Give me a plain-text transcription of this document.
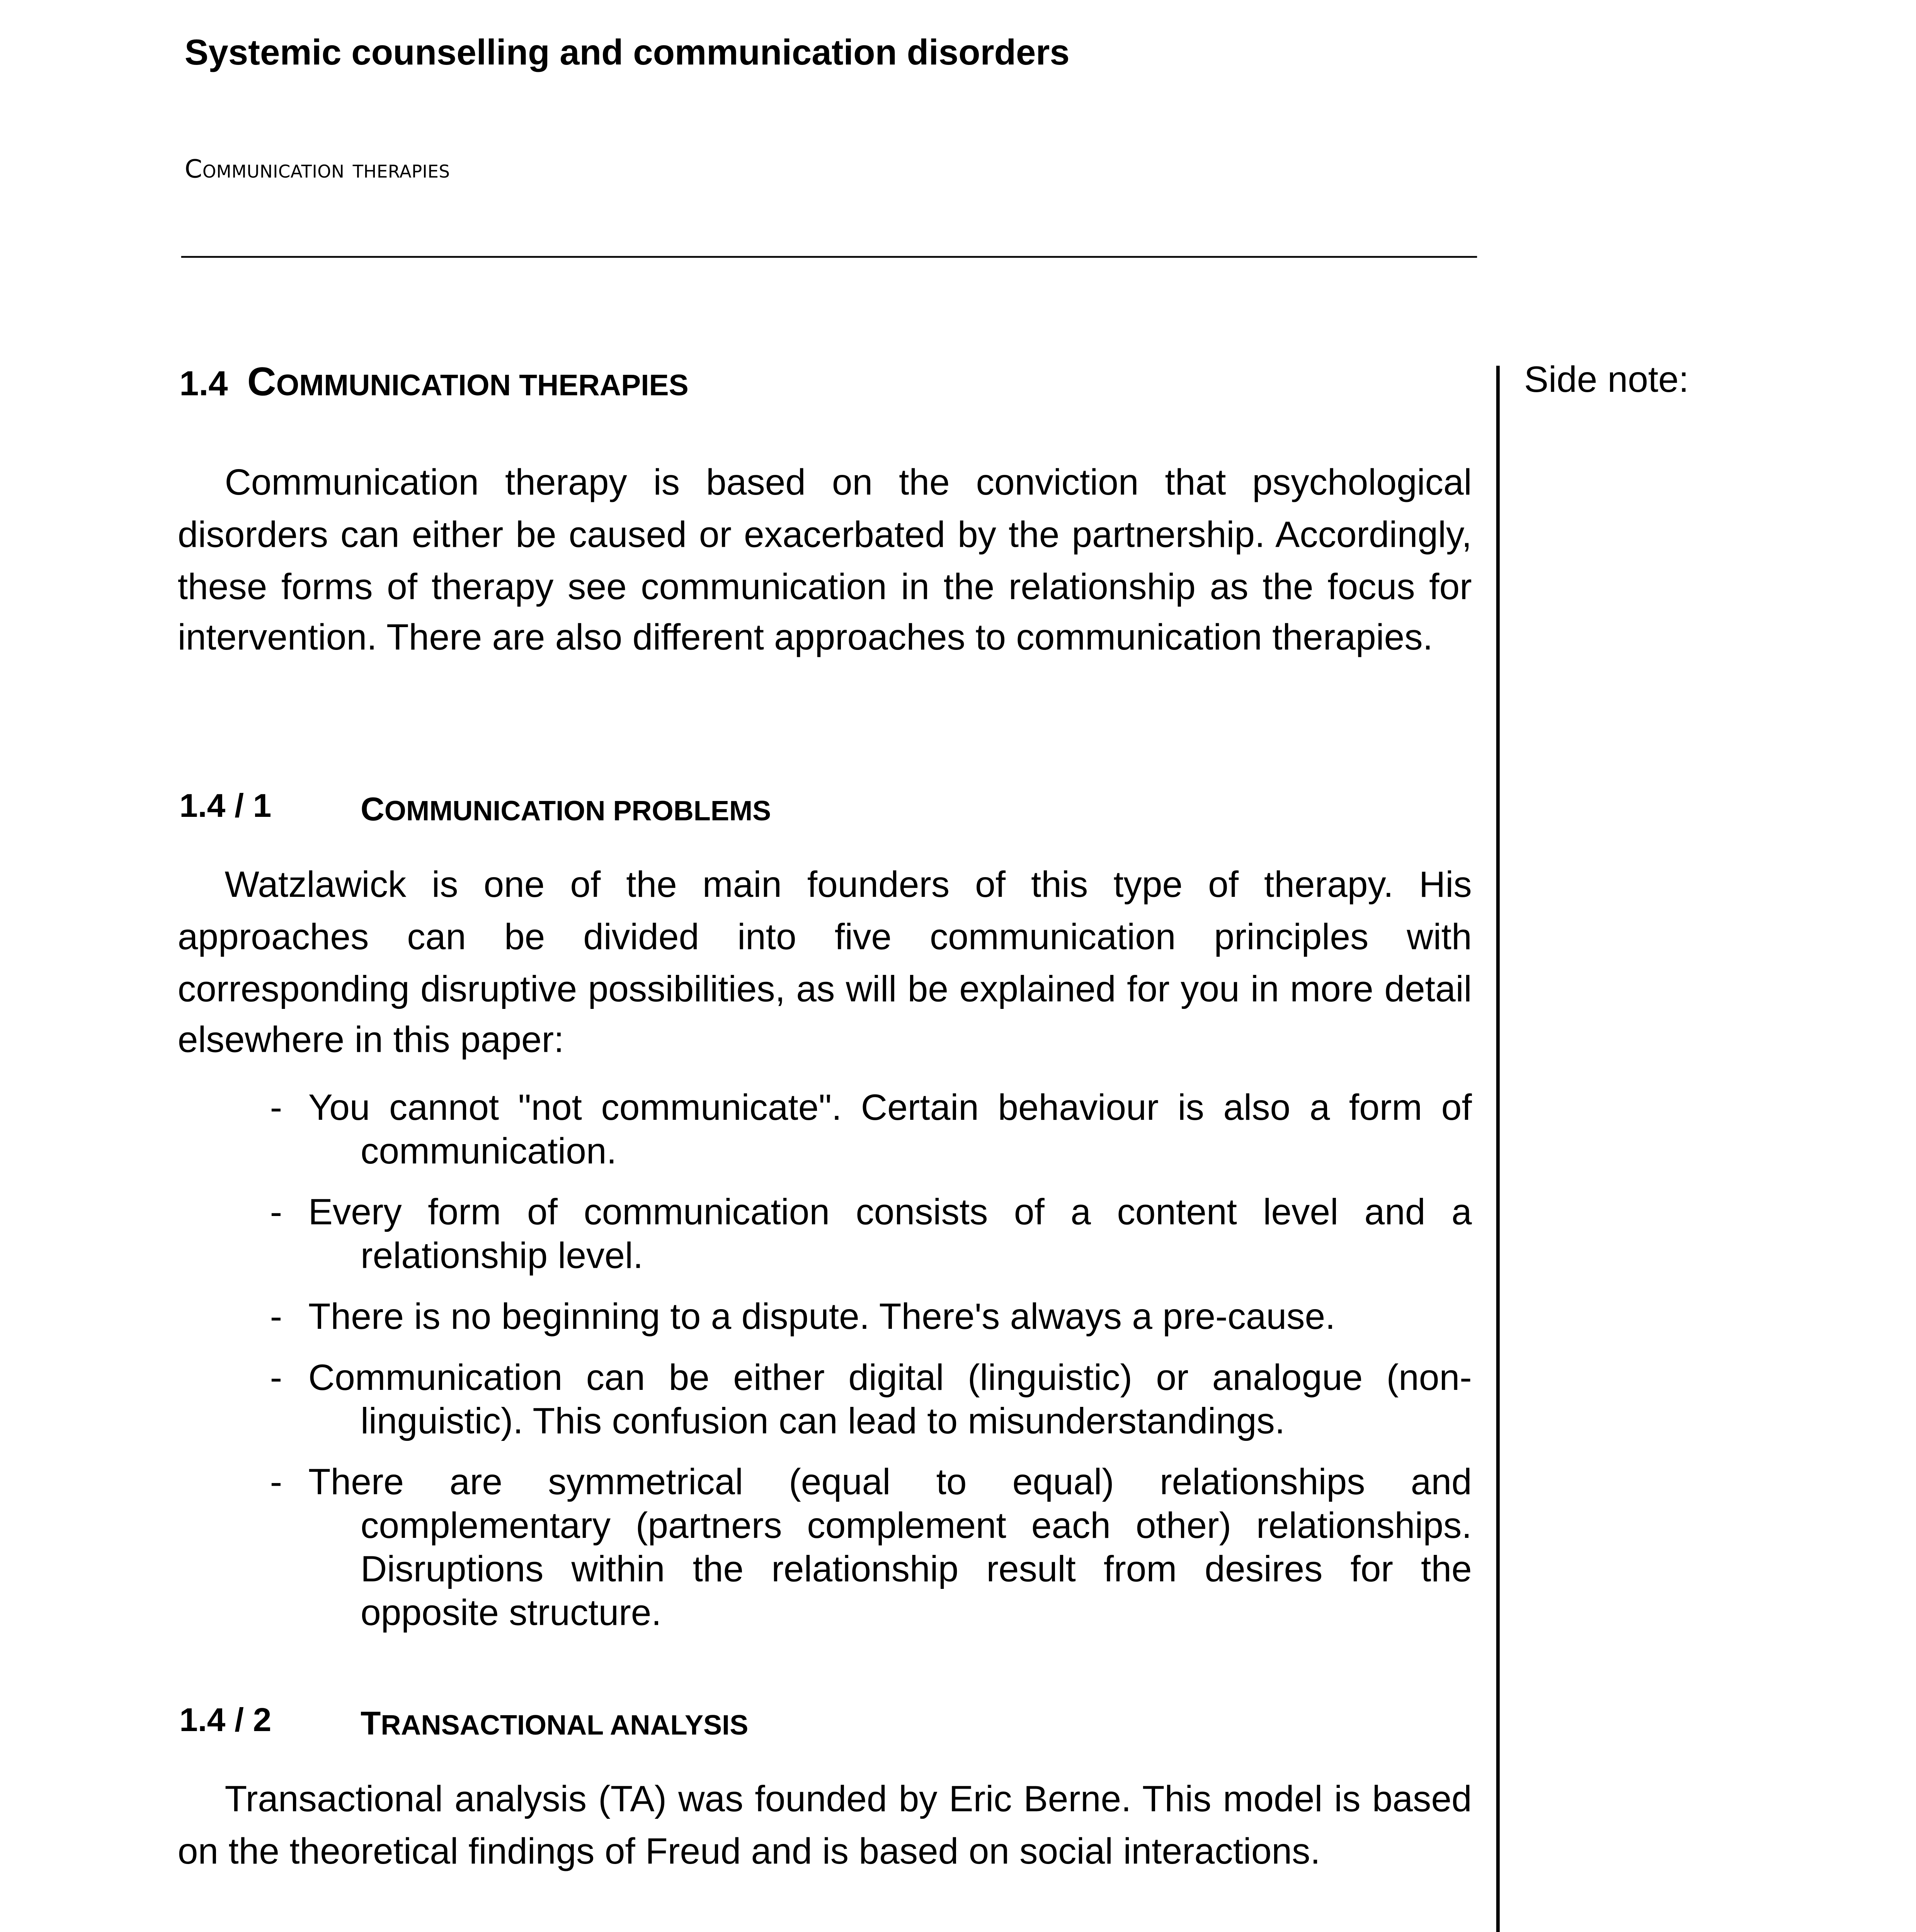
Systemic counselling and communication disorders
Communication therapies
Side note:
1.4 COMMUNICATION THERAPIES

Communication therapy is based on the conviction that psychological disorders can either be caused or exacerbated by the partnership. Accordingly, these forms of therapy see communication in the relationship as the focus for intervention. There are also different approaches to communication therapies.

1.4 / 1	COMMUNICATION PROBLEMS

Watzlawick is one of the main founders of this type of therapy. His approaches can be divided into five communication principles with corresponding disruptive possibilities, as will be explained for you in more detail elsewhere in this paper:

-	You cannot "not communicate". Certain behaviour is also a form of communication.
-	Every form of communication consists of a content level and a relationship level.
-	There is no beginning to a dispute. There's always a pre-cause.
-	Communication can be either digital (linguistic) or analogue (non-linguistic). This confusion can lead to misunderstandings.
-	There are symmetrical (equal to equal) relationships and complementary (partners complement each other) relationships. Disruptions within the relationship result from desires for the opposite structure.
1.4 / 2	TRANSACTIONAL ANALYSIS

Transactional analysis (TA) was founded by Eric Berne. This model is based on the theoretical findings of Freud and is based on social interactions.
